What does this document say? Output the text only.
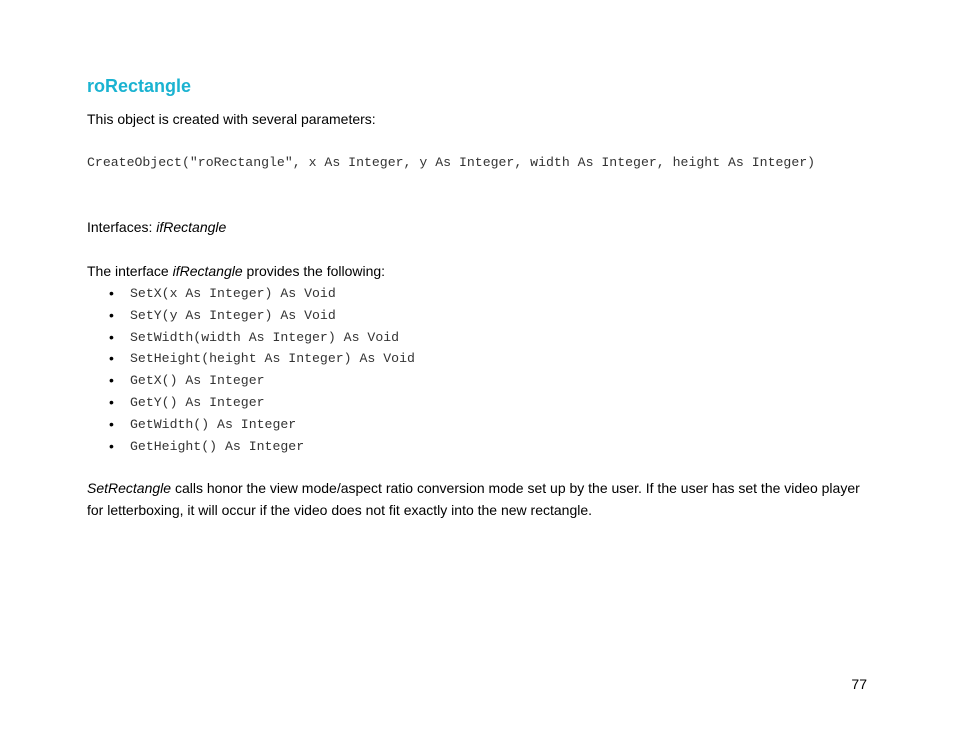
roRectangle

This object is created with several parameters:

CreateObject("roRectangle", x As Integer, y As Integer, width As Integer, height As Integer)

Interfaces: ifRectangle

The interface ifRectangle provides the following:

• SetX(x As Integer) As Void
• SetY(y As Integer) As Void
• SetWidth(width As Integer) As Void
• SetHeight(height As Integer) As Void
• GetX() As Integer
• GetY() As Integer
• GetWidth() As Integer
• GetHeight() As Integer

SetRectangle calls honor the view mode/aspect ratio conversion mode set up by the user. If the user has set the video player for letterboxing, it will occur if the video does not fit exactly into the new rectangle.

77
